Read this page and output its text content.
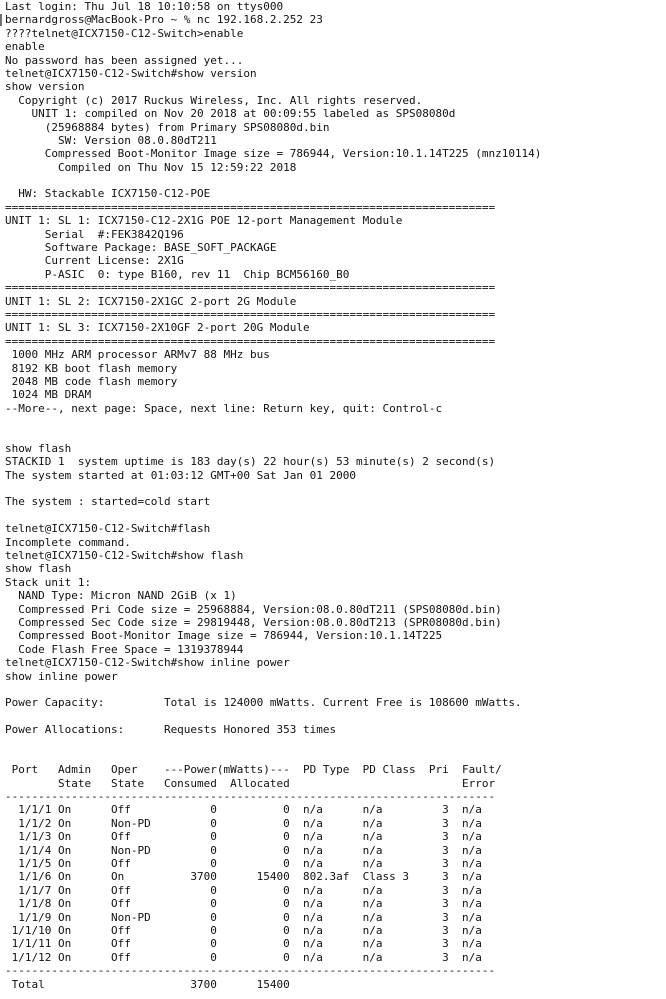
Last login: Thu Jul 18 10:10:58 on ttys000
bernardgross@MacBook-Pro ~ % nc 192.168.2.252 23
????telnet@ICX7150-C12-Switch>enable
enable
No password has been assigned yet...
telnet@ICX7150-C12-Switch#show version
show version
Copyright (c) 2017 Ruckus Wireless, Inc. All rights reserved.
UNIT 1: compiled on Nov 20 2018 at 00:09:55 labeled as SPS08080d
(25968884 bytes) from Primary SPS08080d.bin
SW: Version 08.0.80dT211
Compressed Boot-Monitor Image size = 786944, Version:10.1.14T225 (mnz10114)
Compiled on Thu Nov 15 12:59:22 2018
HW: Stackable ICX7150-C12-POE
==========================================================================
UNIT 1: SL 1: ICX7150-C12-2X1G POE 12-port Management Module
Serial  #:FEK3842Q196
Software Package: BASE_SOFT_PACKAGE
Current License: 2X1G
P-ASIC  0: type B160, rev 11  Chip BCM56160_B0
==========================================================================
UNIT 1: SL 2: ICX7150-2X1GC 2-port 2G Module
==========================================================================
UNIT 1: SL 3: ICX7150-2X10GF 2-port 20G Module
==========================================================================
1000 MHz ARM processor ARMv7 88 MHz bus
8192 KB boot flash memory
2048 MB code flash memory
1024 MB DRAM
--More--, next page: Space, next line: Return key, quit: Control-c
show flash
STACKID 1  system uptime is 183 day(s) 22 hour(s) 53 minute(s) 2 second(s)
The system started at 01:03:12 GMT+00 Sat Jan 01 2000
The system : started=cold start
telnet@ICX7150-C12-Switch#flash
Incomplete command.
telnet@ICX7150-C12-Switch#show flash
show flash
Stack unit 1:
NAND Type: Micron NAND 2GiB (x 1)
Compressed Pri Code size = 25968884, Version:08.0.80dT211 (SPS08080d.bin)
Compressed Sec Code size = 29819448, Version:08.0.80dT213 (SPR08080d.bin)
Compressed Boot-Monitor Image size = 786944, Version:10.1.14T225
Code Flash Free Space = 1319378944
telnet@ICX7150-C12-Switch#show inline power
show inline power
Power Capacity:         Total is 124000 mWatts. Current Free is 108600 mWatts.
Power Allocations:      Requests Honored 353 times
Port   Admin   Oper    ---Power(mWatts)---  PD Type  PD Class  Pri  Fault/
State   State   Consumed  Allocated                          Error
--------------------------------------------------------------------------
1/1/1 On      Off            0          0  n/a      n/a         3  n/a
1/1/2 On      Non-PD         0          0  n/a      n/a         3  n/a
1/1/3 On      Off            0          0  n/a      n/a         3  n/a
1/1/4 On      Non-PD         0          0  n/a      n/a         3  n/a
1/1/5 On      Off            0          0  n/a      n/a         3  n/a
1/1/6 On      On          3700      15400  802.3af  Class 3     3  n/a
1/1/7 On      Off            0          0  n/a      n/a         3  n/a
1/1/8 On      Off            0          0  n/a      n/a         3  n/a
1/1/9 On      Non-PD         0          0  n/a      n/a         3  n/a
1/1/10 On      Off            0          0  n/a      n/a         3  n/a
1/1/11 On      Off            0          0  n/a      n/a         3  n/a
1/1/12 On      Off            0          0  n/a      n/a         3  n/a
--------------------------------------------------------------------------
Total                      3700      15400
